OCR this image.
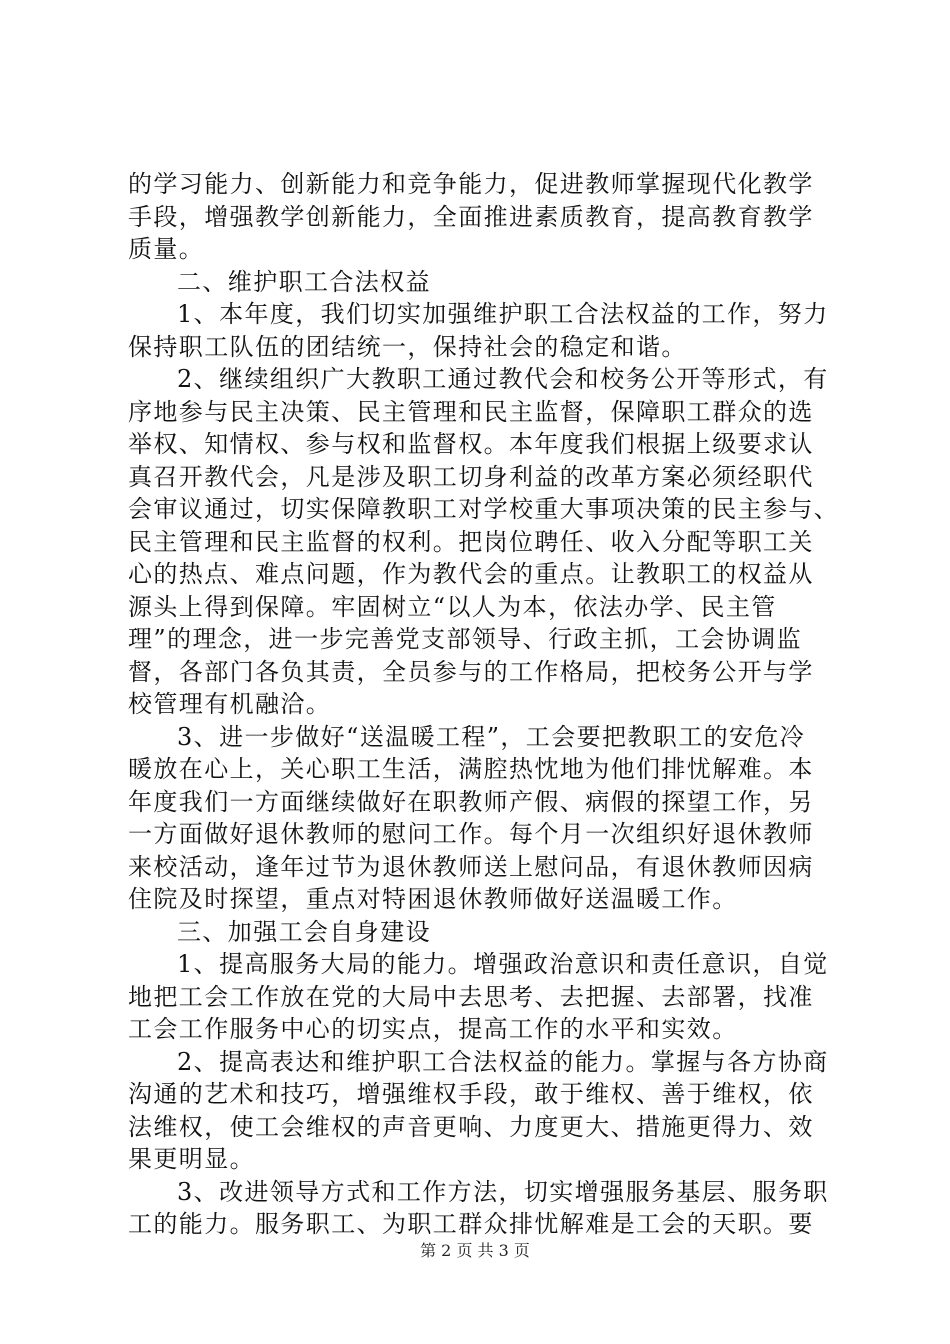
的学习能力、创新能力和竞争能力，促进教师掌握现代化教学
手段，增强教学创新能力，全面推进素质教育，提高教育教学
质量。
二、维护职工合法权益
1、本年度，我们切实加强维护职工合法权益的工作，努力
保持职工队伍的团结统一，保持社会的稳定和谐。
2、继续组织广大教职工通过教代会和校务公开等形式，有
序地参与民主决策、民主管理和民主监督，保障职工群众的选
举权、知情权、参与权和监督权。本年度我们根据上级要求认
真召开教代会，凡是涉及职工切身利益的改革方案必须经职代
会审议通过，切实保障教职工对学校重大事项决策的民主参与、
民主管理和民主监督的权利。把岗位聘任、收入分配等职工关
心的热点、难点问题，作为教代会的重点。让教职工的权益从
源头上得到保障。牢固树立“以人为本，依法办学、民主管
理”的理念，进一步完善党支部领导、行政主抓，工会协调监
督，各部门各负其责，全员参与的工作格局，把校务公开与学
校管理有机融洽。
3、进一步做好“送温暖工程”，工会要把教职工的安危冷
暖放在心上，关心职工生活，满腔热忱地为他们排忧解难。本
年度我们一方面继续做好在职教师产假、病假的探望工作，另
一方面做好退休教师的慰问工作。每个月一次组织好退休教师
来校活动，逢年过节为退休教师送上慰问品，有退休教师因病
住院及时探望，重点对特困退休教师做好送温暖工作。
三、加强工会自身建设
1、提高服务大局的能力。增强政治意识和责任意识，自觉
地把工会工作放在党的大局中去思考、去把握、去部署，找准
工会工作服务中心的切实点，提高工作的水平和实效。
2、提高表达和维护职工合法权益的能力。掌握与各方协商
沟通的艺术和技巧，增强维权手段，敢于维权、善于维权，依
法维权，使工会维权的声音更响、力度更大、措施更得力、效
果更明显。
3、改进领导方式和工作方法，切实增强服务基层、服务职
工的能力。服务职工、为职工群众排忧解难是工会的天职。要
第 2 页 共 3 页
